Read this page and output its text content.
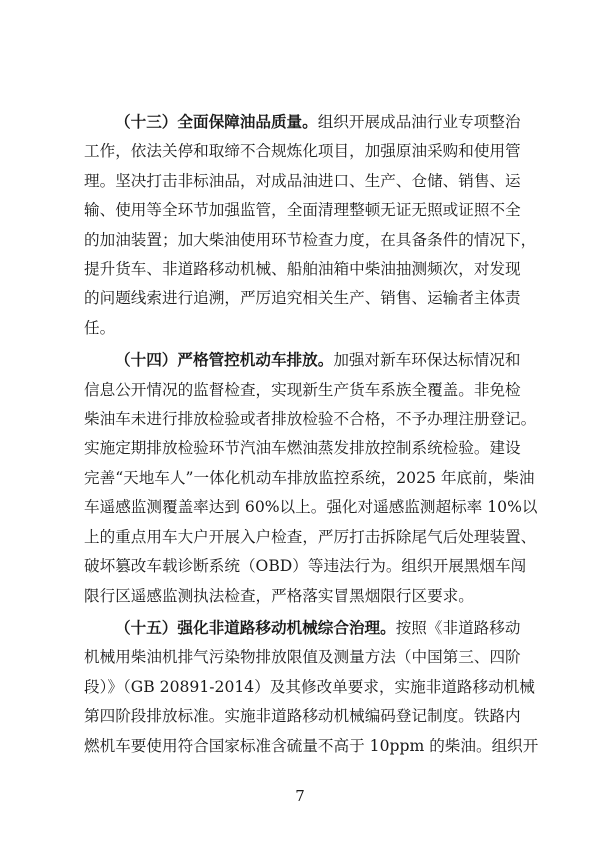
（十三）全面保障油品质量。组织开展成品油行业专项整治
工作，依法关停和取缔不合规炼化项目，加强原油采购和使用管
理。坚决打击非标油品，对成品油进口、生产、仓储、销售、运
输、使用等全环节加强监管，全面清理整顿无证无照或证照不全
的加油装置；加大柴油使用环节检查力度，在具备条件的情况下，
提升货车、非道路移动机械、船舶油箱中柴油抽测频次，对发现
的问题线索进行追溯，严厉追究相关生产、销售、运输者主体责
任。

（十四）严格管控机动车排放。加强对新车环保达标情况和
信息公开情况的监督检查，实现新生产货车系族全覆盖。非免检
柴油车未进行排放检验或者排放检验不合格，不予办理注册登记。
实施定期排放检验环节汽油车燃油蒸发排放控制系统检验。建设
完善“天地车人”一体化机动车排放监控系统，2025 年底前，柴油
车遥感监测覆盖率达到 60%以上。强化对遥感监测超标率 10%以
上的重点用车大户开展入户检查，严厉打击拆除尾气后处理装置、
破坏篡改车载诊断系统（OBD）等违法行为。组织开展黑烟车闯
限行区遥感监测执法检查，严格落实冒黑烟限行区要求。

（十五）强化非道路移动机械综合治理。按照《非道路移动
机械用柴油机排气污染物排放限值及测量方法（中国第三、四阶
段）》（GB 20891-2014）及其修改单要求，实施非道路移动机械
第四阶段排放标准。实施非道路移动机械编码登记制度。铁路内
燃机车要使用符合国家标准含硫量不高于 10ppm 的柴油。组织开

7
